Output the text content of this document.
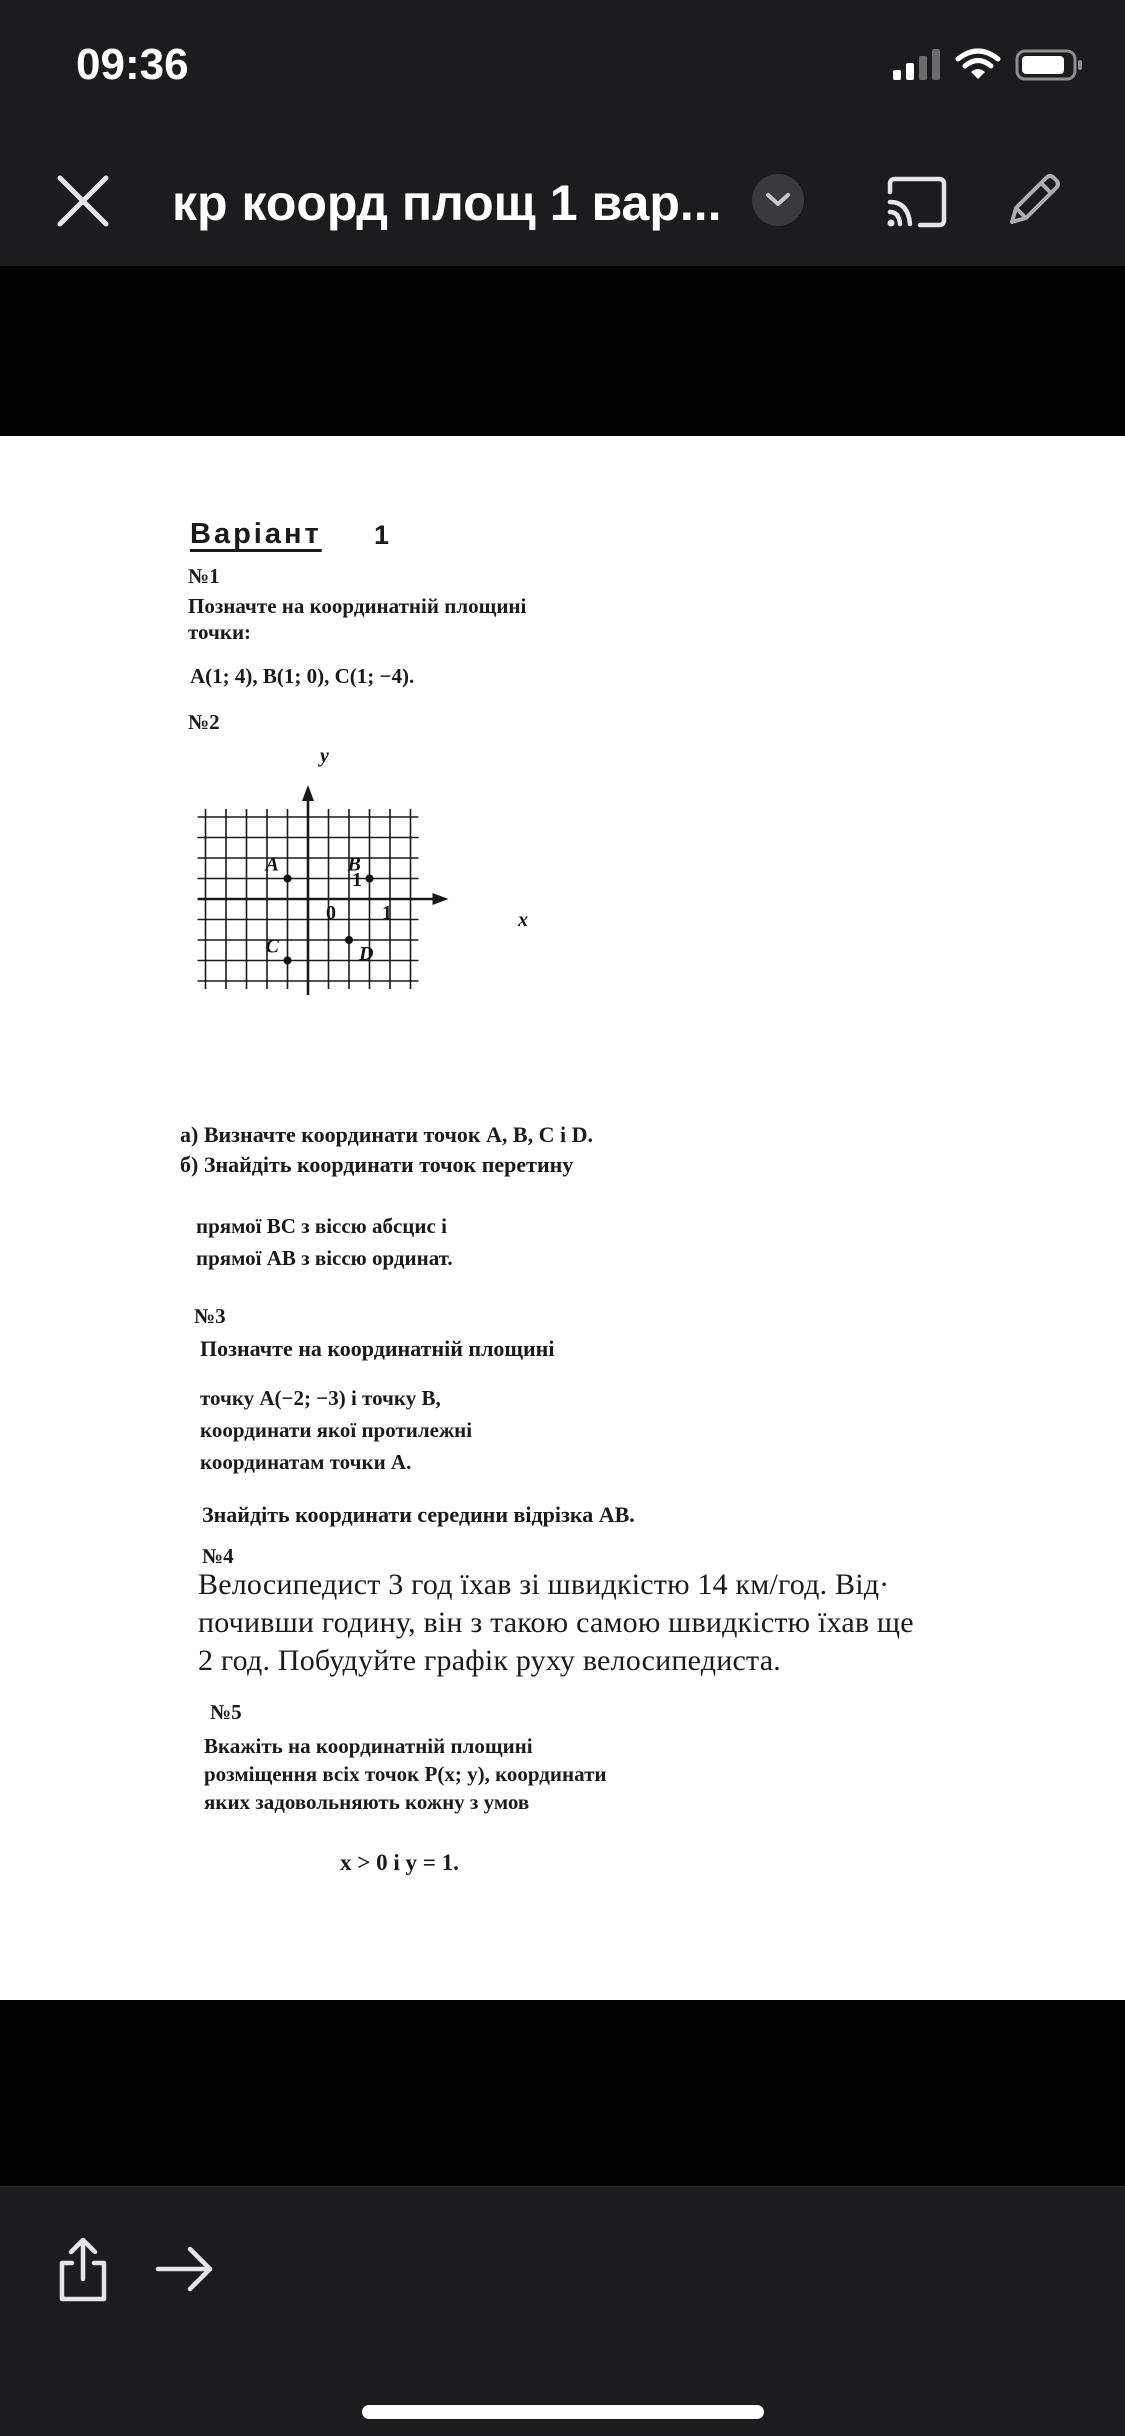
09:36
кр коорд площ 1 вар...
Варіант 1
№1
Позначте на координатній площині
точки:
A(1; 4), B(1; 0), C(1; −4).
№2
A	B
C	D
y
x
0 1
1
а) Визначте координати точок A, B, C і D.
б) Знайдіть координати точок перетину
прямої BC з віссю абсцис і
прямої AB з віссю ординат.
№3
Позначте на координатній площині
точку A(−2; −3) і точку B,
координати якої протилежні
координатам точки A.
Знайдіть координати середини відрізка AB.
№4
Велосипедист 3 год їхав зі швидкістю 14 км/год. Від·
почивши годину, він з такою самою швидкістю їхав ще
2 год. Побудуйте графік руху велосипедиста.
№5
Вкажіть на координатній площині
розміщення всіх точок P(x; y), координати
яких задовольняють кожну з умов
x > 0 і y = 1.
